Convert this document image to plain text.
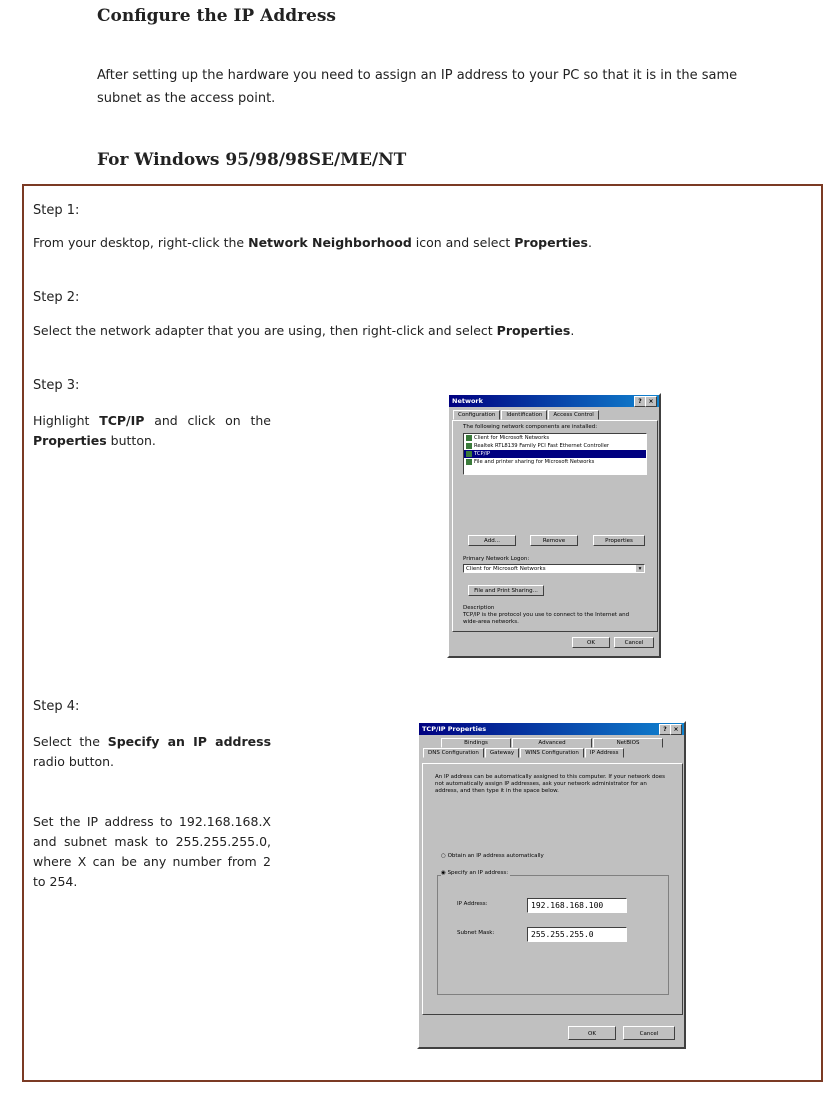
Configure the IP Address
After setting up the hardware you need to assign an IP address to your PC so that it is in the same subnet as the access point.
For Windows 95/98/98SE/ME/NT
Step 1:
From your desktop, right-click the Network Neighborhood icon and select Properties.
Step 2:
Select the network adapter that you are using, then right-click and select Properties.
Step 3:
Highlight TCP/IP and click on the Properties button.
Step 4:
Select the Specify an IP address radio button.
Set the IP address to 192.168.168.X and subnet mask to 255.255.255.0, where X can be any number from 2 to 254.
Network	?	×
Configuration Identification Access Control
The following network components are installed:
Client for Microsoft Networks
Realtek RTL8139 Family PCI Fast Ethernet Controller
TCP/IP
File and printer sharing for Microsoft Networks
Add...	Remove	Properties
Primary Network Logon:
Client for Microsoft Networks	▾
File and Print Sharing...
Description
TCP/IP is the protocol you use to connect to the Internet and wide-area networks.
OK	Cancel
TCP/IP Properties	?	×
Bindings	Advanced	NetBIOS
DNS Configuration Gateway WINS Configuration IP Address
An IP address can be automatically assigned to this computer. If your network does not automatically assign IP addresses, ask your network administrator for an address, and then type it in the space below.
○ Obtain an IP address automatically
◉ Specify an IP address:
IP Address:	192.168.168.100
Subnet Mask:	255.255.255.0
OK	Cancel
